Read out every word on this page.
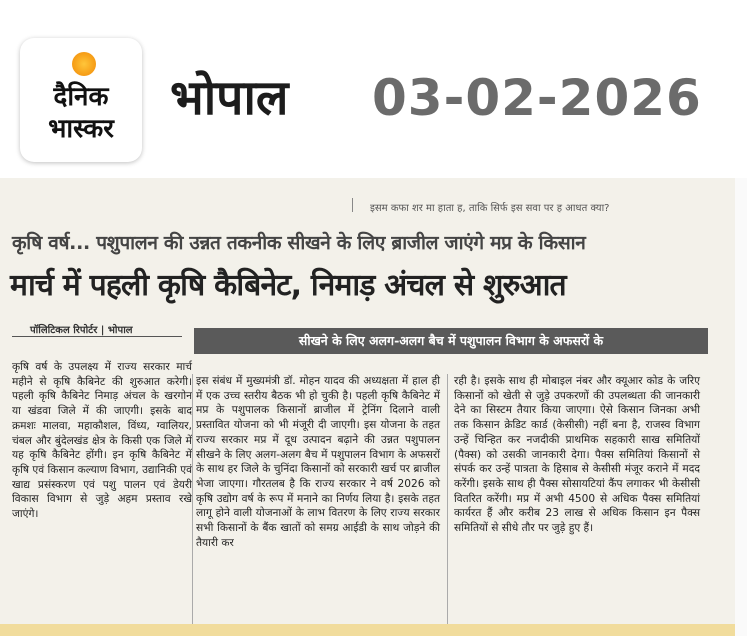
दैनिक
भास्कर
भोपाल 03-02-2026
इसम कफा शर मा हाता ह, ताकि सिर्फ इस सवा पर ह आधत क्या?
कृषि वर्ष... पशुपालन की उन्नत तकनीक सीखने के लिए ब्राजील जाएंगे मप्र के किसान
मार्च में पहली कृषि कैबिनेट, निमाड़ अंचल से शुरुआत
पॉलिटिकल रिपोर्टर | भोपाल
सीखने के लिए अलग-अलग बैच में पशुपालन विभाग के अफसरों के
कृषि वर्ष के उपलक्ष्य में राज्य सरकार मार्च महीने से कृषि कैबिनेट की शुरुआत करेगी। पहली कृषि कैबिनेट निमाड़ अंचल के खरगोन या खंडवा जिले में की जाएगी। इसके बाद क्रमशः मालवा, महाकौशल, विंध्य, ग्वालियर, चंबल और बुंदेलखंड क्षेत्र के किसी एक जिले में यह कृषि कैबिनेट होंगी। इन कृषि कैबिनेट में कृषि एवं किसान कल्याण विभाग, उद्यानिकी एवं खाद्य प्रसंस्करण एवं पशु पालन एवं डेयरी विकास विभाग से जुड़े अहम प्रस्ताव रखे जाएंगे।
इस संबंध में मुख्यमंत्री डॉ. मोहन यादव की अध्यक्षता में हाल ही में एक उच्च स्तरीय बैठक भी हो चुकी है। पहली कृषि कैबिनेट में मप्र के पशुपालक किसानों ब्राजील में ट्रेनिंग दिलाने वाली प्रस्तावित योजना को भी मंजूरी दी जाएगी। इस योजना के तहत राज्य सरकार मप्र में दूध उत्पादन बढ़ाने की उन्नत पशुपालन सीखने के लिए अलग-अलग बैच में पशुपालन विभाग के अफसरों के साथ हर जिले के चुनिंदा किसानों को सरकारी खर्च पर ब्राजील भेजा जाएगा। गौरतलब है कि राज्य सरकार ने वर्ष 2026 को कृषि उद्योग वर्ष के रूप में मनाने का निर्णय लिया है। इसके तहत लागू होने वाली योजनाओं के लाभ वितरण के लिए राज्य सरकार सभी किसानों के बैंक खातों को समग्र आईडी के साथ जोड़ने की तैयारी कर
रही है। इसके साथ ही मोबाइल नंबर और क्यूआर कोड के जरिए किसानों को खेती से जुड़े उपकरणों की उपलब्धता की जानकारी देने का सिस्टम तैयार किया जाएगा। ऐसे किसान जिनका अभी तक किसान क्रेडिट कार्ड (केसीसी) नहीं बना है, राजस्व विभाग उन्हें चिन्हित कर नजदीकी प्राथमिक सहकारी साख समितियों (पैक्स) को उसकी जानकारी देगा। पैक्स समितियां किसानों से संपर्क कर उन्हें पात्रता के हिसाब से केसीसी मंजूर कराने में मदद करेंगी। इसके साथ ही पैक्स सोसायटियां कैंप लगाकर भी केसीसी वितरित करेंगी। मप्र में अभी 4500 से अधिक पैक्स समितियां कार्यरत हैं और करीब 23 लाख से अधिक किसान इन पैक्स समितियों से सीधे तौर पर जुड़े हुए हैं।
